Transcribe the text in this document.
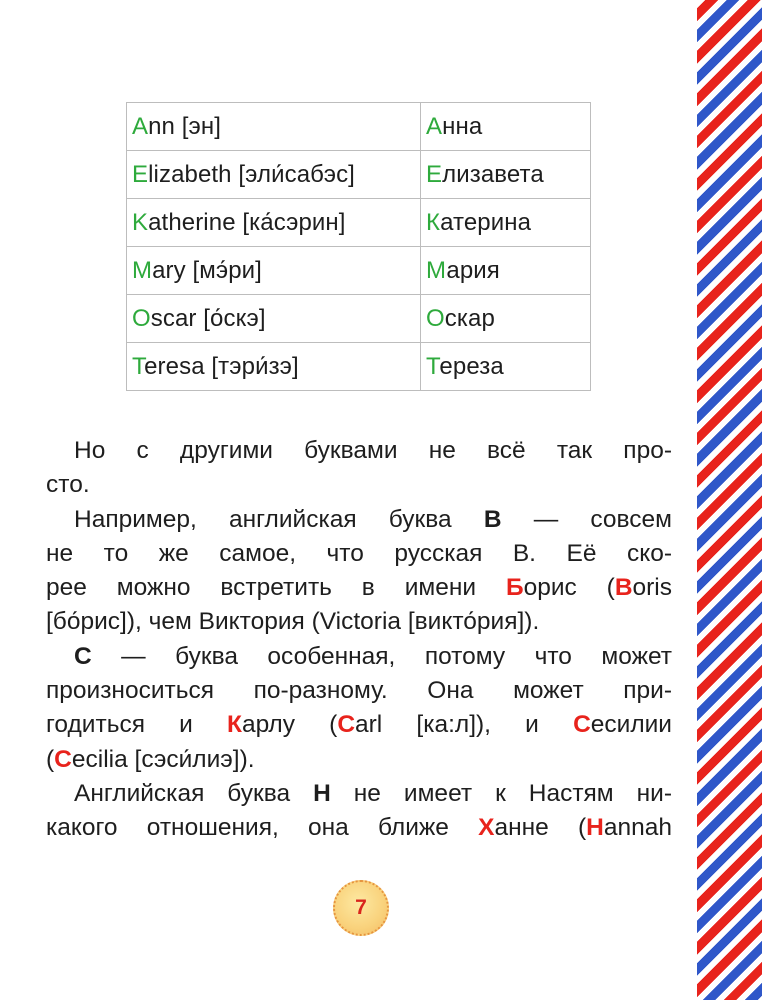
Ann [эн]	Анна
Elizabeth [эли́сабэс]	Елизавета
Katherine [ка́сэрин]	Катерина
Mary [мэ́ри]	Мария
Oscar [о́скэ]	Оскар
Teresa [тэри́зэ]	Тереза

Но с другими буквами не всё так про-

сто.

Например, английская буква B — совсем

не то же самое, что русская В. Её ско-

рее можно встретить в имени Борис (Boris

[бо́рис]), чем Виктория (Victoria [викто́рия]).

C — буква особенная, потому что может

произноситься по-разному. Она может при-

годиться и Карлу (Carl [ка:л]), и Сесилии

(Cecilia [сэси́лиэ]).

Английская буква H не имеет к Настям ни-

какого отношения, она ближе Ханне (Hannah

7
